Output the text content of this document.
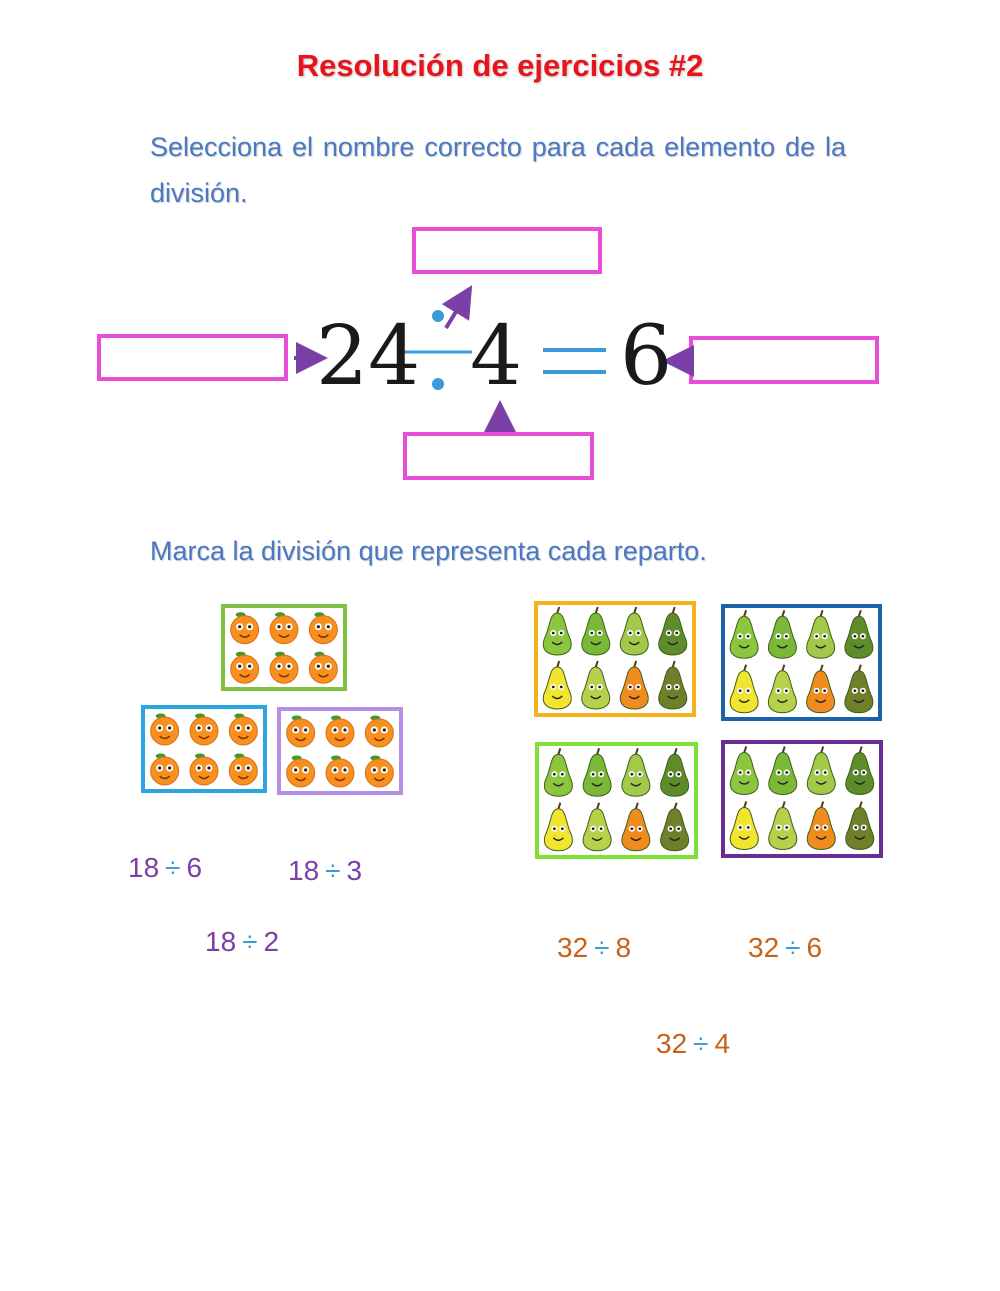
Resolución de ejercicios #2
Selecciona el nombre correcto para cada elemento de la división.
24 4 6
Marca la división que representa cada reparto.
18 ÷ 6	18 ÷ 3
18 ÷ 2	32 ÷ 8	32 ÷ 6
32 ÷ 4
